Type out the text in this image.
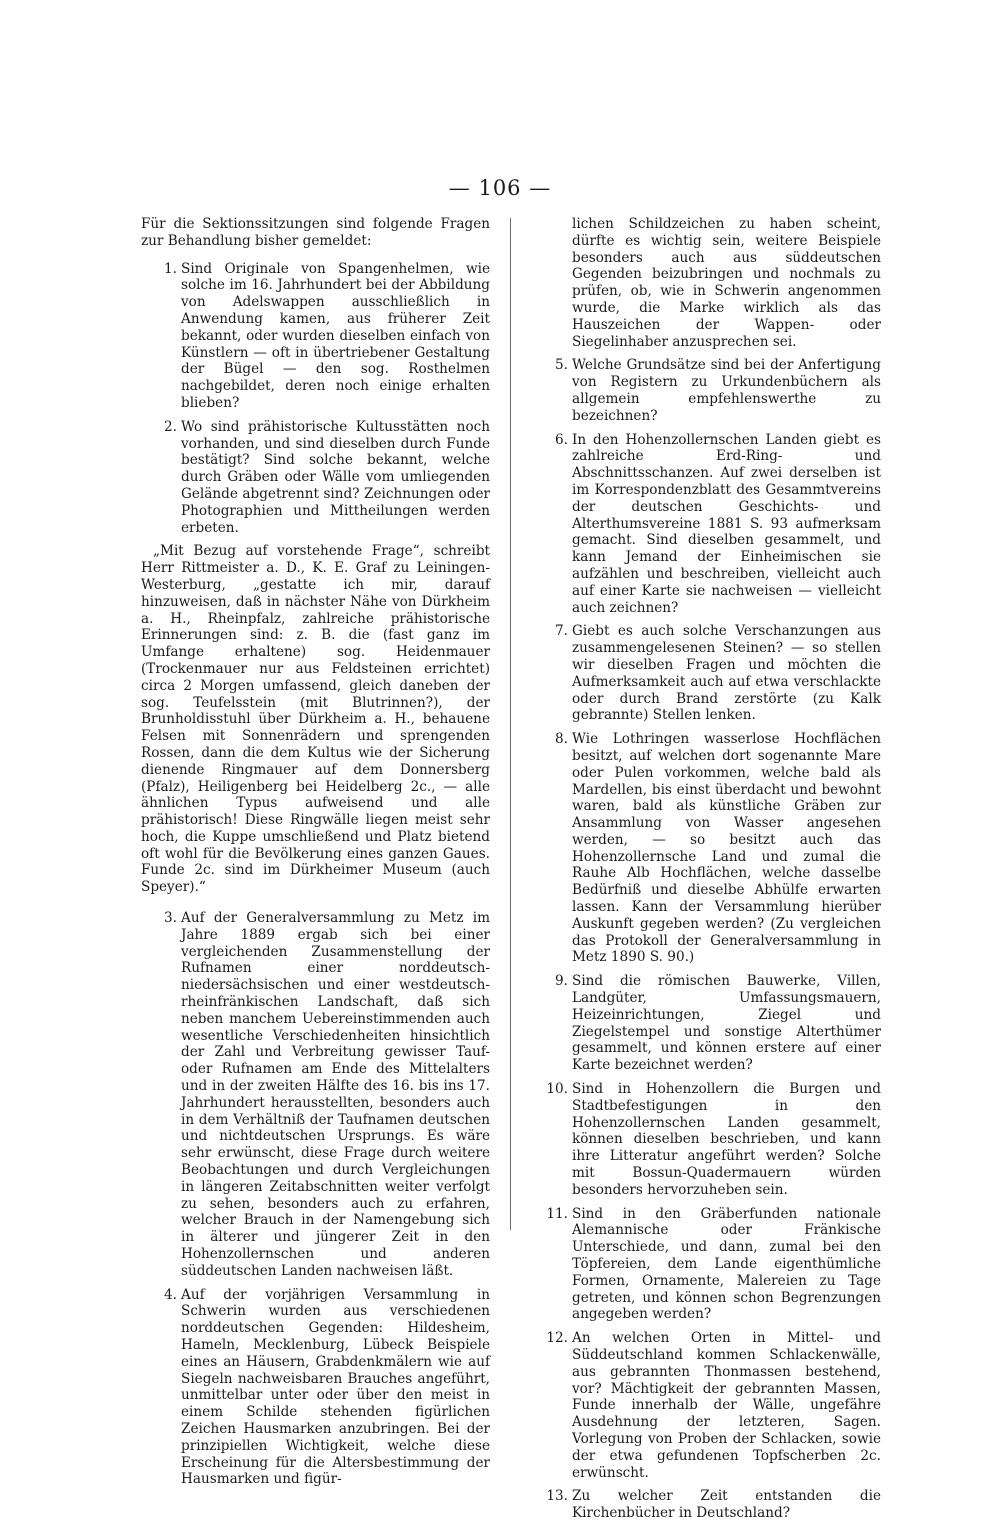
— 106 —

Für die Sektionssitzungen sind folgende Fragen zur Behandlung bisher gemeldet:

1. Sind Originale von Spangenhelmen, wie solche im 16. Jahrhundert bei der Abbildung von Adelswappen ausschließlich in Anwendung kamen, aus früherer Zeit bekannt, oder wurden dieselben einfach von Künstlern — oft in übertriebener Gestaltung der Bügel — den sog. Rosthelmen nachgebildet, deren noch einige erhalten blieben?

2. Wo sind prähistorische Kultusstätten noch vorhanden, und sind dieselben durch Funde bestätigt? Sind solche bekannt, welche durch Gräben oder Wälle vom umliegenden Gelände abgetrennt sind? Zeichnungen oder Photographien und Mittheilungen werden erbeten.

„Mit Bezug auf vorstehende Frage“, schreibt Herr Rittmeister a. D., K. E. Graf zu Leiningen-Westerburg, „gestatte ich mir, darauf hinzuweisen, daß in nächster Nähe von Dürkheim a. H., Rheinpfalz, zahlreiche prähistorische Erinnerungen sind: z. B. die (fast ganz im Umfange erhaltene) sog. Heidenmauer (Trockenmauer nur aus Feldsteinen errichtet) circa 2 Morgen umfassend, gleich daneben der sog. Teufelsstein (mit Blutrinnen?), der Brunholdisstuhl über Dürkheim a. H., behauene Felsen mit Sonnenrädern und sprengenden Rossen, dann die dem Kultus wie der Sicherung dienende Ringmauer auf dem Donnersberg (Pfalz), Heiligenberg bei Heidelberg 2c., — alle ähnlichen Typus aufweisend und alle prähistorisch! Diese Ringwälle liegen meist sehr hoch, die Kuppe umschließend und Platz bietend oft wohl für die Bevölkerung eines ganzen Gaues. Funde 2c. sind im Dürkheimer Museum (auch Speyer).“

3. Auf der Generalversammlung zu Metz im Jahre 1889 ergab sich bei einer vergleichenden Zusammenstellung der Rufnamen einer norddeutsch-niedersächsischen und einer westdeutsch-rheinfränkischen Landschaft, daß sich neben manchem Uebereinstimmenden auch wesentliche Verschiedenheiten hinsichtlich der Zahl und Verbreitung gewisser Tauf- oder Rufnamen am Ende des Mittelalters und in der zweiten Hälfte des 16. bis ins 17. Jahrhundert herausstellten, besonders auch in dem Verhältniß der Taufnamen deutschen und nichtdeutschen Ursprungs. Es wäre sehr erwünscht, diese Frage durch weitere Beobachtungen und durch Vergleichungen in längeren Zeitabschnitten weiter verfolgt zu sehen, besonders auch zu erfahren, welcher Brauch in der Namengebung sich in älterer und jüngerer Zeit in den Hohenzollernschen und anderen süddeutschen Landen nachweisen läßt.

4. Auf der vorjährigen Versammlung in Schwerin wurden aus verschiedenen norddeutschen Gegenden: Hildesheim, Hameln, Mecklenburg, Lübeck Beispiele eines an Häusern, Grabdenkmälern wie auf Siegeln nachweisbaren Brauches angeführt, unmittelbar unter oder über den meist in einem Schilde stehenden figürlichen Zeichen Hausmarken anzubringen. Bei der prinzipiellen Wichtigkeit, welche diese Erscheinung für die Altersbestimmung der Hausmarken und figür-

lichen Schildzeichen zu haben scheint, dürfte es wichtig sein, weitere Beispiele besonders auch aus süddeutschen Gegenden beizubringen und nochmals zu prüfen, ob, wie in Schwerin angenommen wurde, die Marke wirklich als das Hauszeichen der Wappen- oder Siegelinhaber anzusprechen sei.

5. Welche Grundsätze sind bei der Anfertigung von Registern zu Urkundenbüchern als allgemein empfehlenswerthe zu bezeichnen?

6. In den Hohenzollernschen Landen giebt es zahlreiche Erd-Ring- und Abschnittsschanzen. Auf zwei derselben ist im Korrespondenzblatt des Gesammtvereins der deutschen Geschichts- und Alterthumsvereine 1881 S. 93 aufmerksam gemacht. Sind dieselben gesammelt, und kann Jemand der Einheimischen sie aufzählen und beschreiben, vielleicht auch auf einer Karte sie nachweisen — vielleicht auch zeichnen?

7. Giebt es auch solche Verschanzungen aus zusammengelesenen Steinen? — so stellen wir dieselben Fragen und möchten die Aufmerksamkeit auch auf etwa verschlackte oder durch Brand zerstörte (zu Kalk gebrannte) Stellen lenken.

8. Wie Lothringen wasserlose Hochflächen besitzt, auf welchen dort sogenannte Mare oder Pulen vorkommen, welche bald als Mardellen, bis einst überdacht und bewohnt waren, bald als künstliche Gräben zur Ansammlung von Wasser angesehen werden, — so besitzt auch das Hohenzollernsche Land und zumal die Rauhe Alb Hochflächen, welche dasselbe Bedürfniß und dieselbe Abhülfe erwarten lassen. Kann der Versammlung hierüber Auskunft gegeben werden? (Zu vergleichen das Protokoll der Generalversammlung in Metz 1890 S. 90.)

9. Sind die römischen Bauwerke, Villen, Landgüter, Umfassungsmauern, Heizeinrichtungen, Ziegel und Ziegelstempel und sonstige Alterthümer gesammelt, und können erstere auf einer Karte bezeichnet werden?

10. Sind in Hohenzollern die Burgen und Stadtbefestigungen in den Hohenzollernschen Landen gesammelt, können dieselben beschrieben, und kann ihre Litteratur angeführt werden? Solche mit Bossun-Quadermauern würden besonders hervorzuheben sein.

11. Sind in den Gräberfunden nationale Alemannische oder Fränkische Unterschiede, und dann, zumal bei den Töpfereien, dem Lande eigenthümliche Formen, Ornamente, Malereien zu Tage getreten, und können schon Begrenzungen angegeben werden?

12. An welchen Orten in Mittel- und Süddeutschland kommen Schlackenwälle, aus gebrannten Thonmassen bestehend, vor? Mächtigkeit der gebrannten Massen, Funde innerhalb der Wälle, ungefähre Ausdehnung der letzteren, Sagen. Vorlegung von Proben der Schlacken, sowie der etwa gefundenen Topfscherben 2c. erwünscht.

13. Zu welcher Zeit entstanden die Kirchenbücher in Deutschland?
